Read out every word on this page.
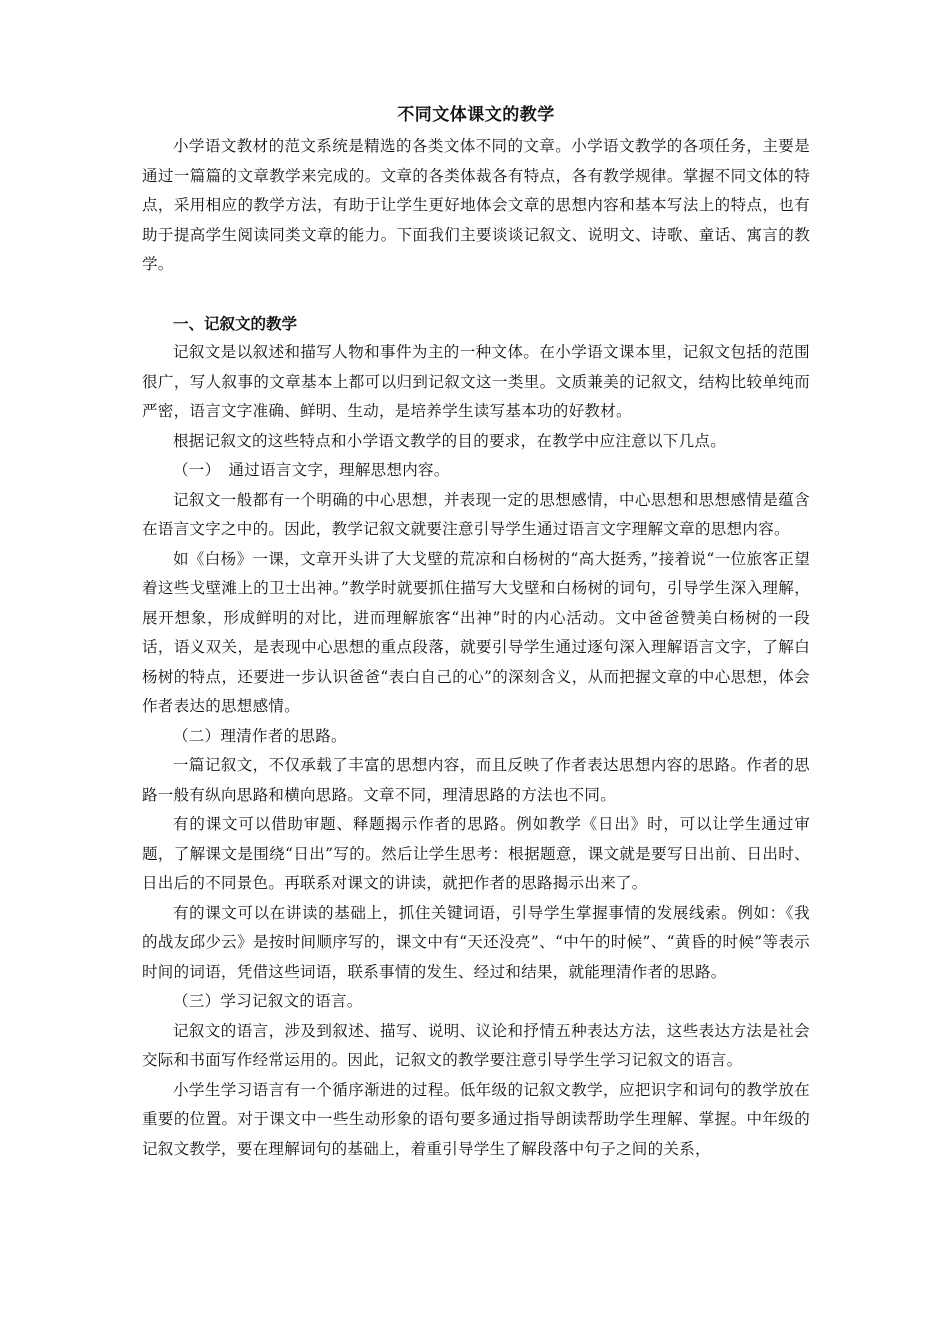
不同文体课文的教学

小学语文教材的范文系统是精选的各类文体不同的文章。小学语文教学的各项任务，主要是通过一篇篇的文章教学来完成的。文章的各类体裁各有特点，各有教学规律。掌握不同文体的特点，采用相应的教学方法，有助于让学生更好地体会文章的思想内容和基本写法上的特点，也有助于提高学生阅读同类文章的能力。下面我们主要谈谈记叙文、说明文、诗歌、童话、寓言的教学。

一、记叙文的教学

记叙文是以叙述和描写人物和事件为主的一种文体。在小学语文课本里，记叙文包括的范围很广，写人叙事的文章基本上都可以归到记叙文这一类里。文质兼美的记叙文，结构比较单纯而严密，语言文字准确、鲜明、生动，是培养学生读写基本功的好教材。

根据记叙文的这些特点和小学语文教学的目的要求，在教学中应注意以下几点。

（一）　通过语言文字，理解思想内容。

记叙文一般都有一个明确的中心思想，并表现一定的思想感情，中心思想和思想感情是蕴含在语言文字之中的。因此，教学记叙文就要注意引导学生通过语言文字理解文章的思想内容。

如《白杨》一课，文章开头讲了大戈壁的荒凉和白杨树的“高大挺秀，”接着说“一位旅客正望着这些戈壁滩上的卫士出神。”教学时就要抓住描写大戈壁和白杨树的词句，引导学生深入理解，展开想象，形成鲜明的对比，进而理解旅客“出神”时的内心活动。文中爸爸赞美白杨树的一段话，语义双关，是表现中心思想的重点段落，就要引导学生通过逐句深入理解语言文字，了解白杨树的特点，还要进一步认识爸爸“表白自己的心”的深刻含义，从而把握文章的中心思想，体会作者表达的思想感情。

（二）理清作者的思路。

一篇记叙文，不仅承载了丰富的思想内容，而且反映了作者表达思想内容的思路。作者的思路一般有纵向思路和横向思路。文章不同，理清思路的方法也不同。

有的课文可以借助审题、释题揭示作者的思路。例如教学《日出》时，可以让学生通过审题，了解课文是围绕“日出”写的。然后让学生思考：根据题意，课文就是要写日出前、日出时、日出后的不同景色。再联系对课文的讲读，就把作者的思路揭示出来了。

有的课文可以在讲读的基础上，抓住关键词语，引导学生掌握事情的发展线索。例如：《我的战友邱少云》是按时间顺序写的，课文中有“天还没亮”、“中午的时候”、“黄昏的时候”等表示时间的词语，凭借这些词语，联系事情的发生、经过和结果，就能理清作者的思路。

（三）学习记叙文的语言。

记叙文的语言，涉及到叙述、描写、说明、议论和抒情五种表达方法，这些表达方法是社会交际和书面写作经常运用的。因此，记叙文的教学要注意引导学生学习记叙文的语言。

小学生学习语言有一个循序渐进的过程。低年级的记叙文教学，应把识字和词句的教学放在重要的位置。对于课文中一些生动形象的语句要多通过指导朗读帮助学生理解、掌握。中年级的记叙文教学，要在理解词句的基础上，着重引导学生了解段落中句子之间的关系，
